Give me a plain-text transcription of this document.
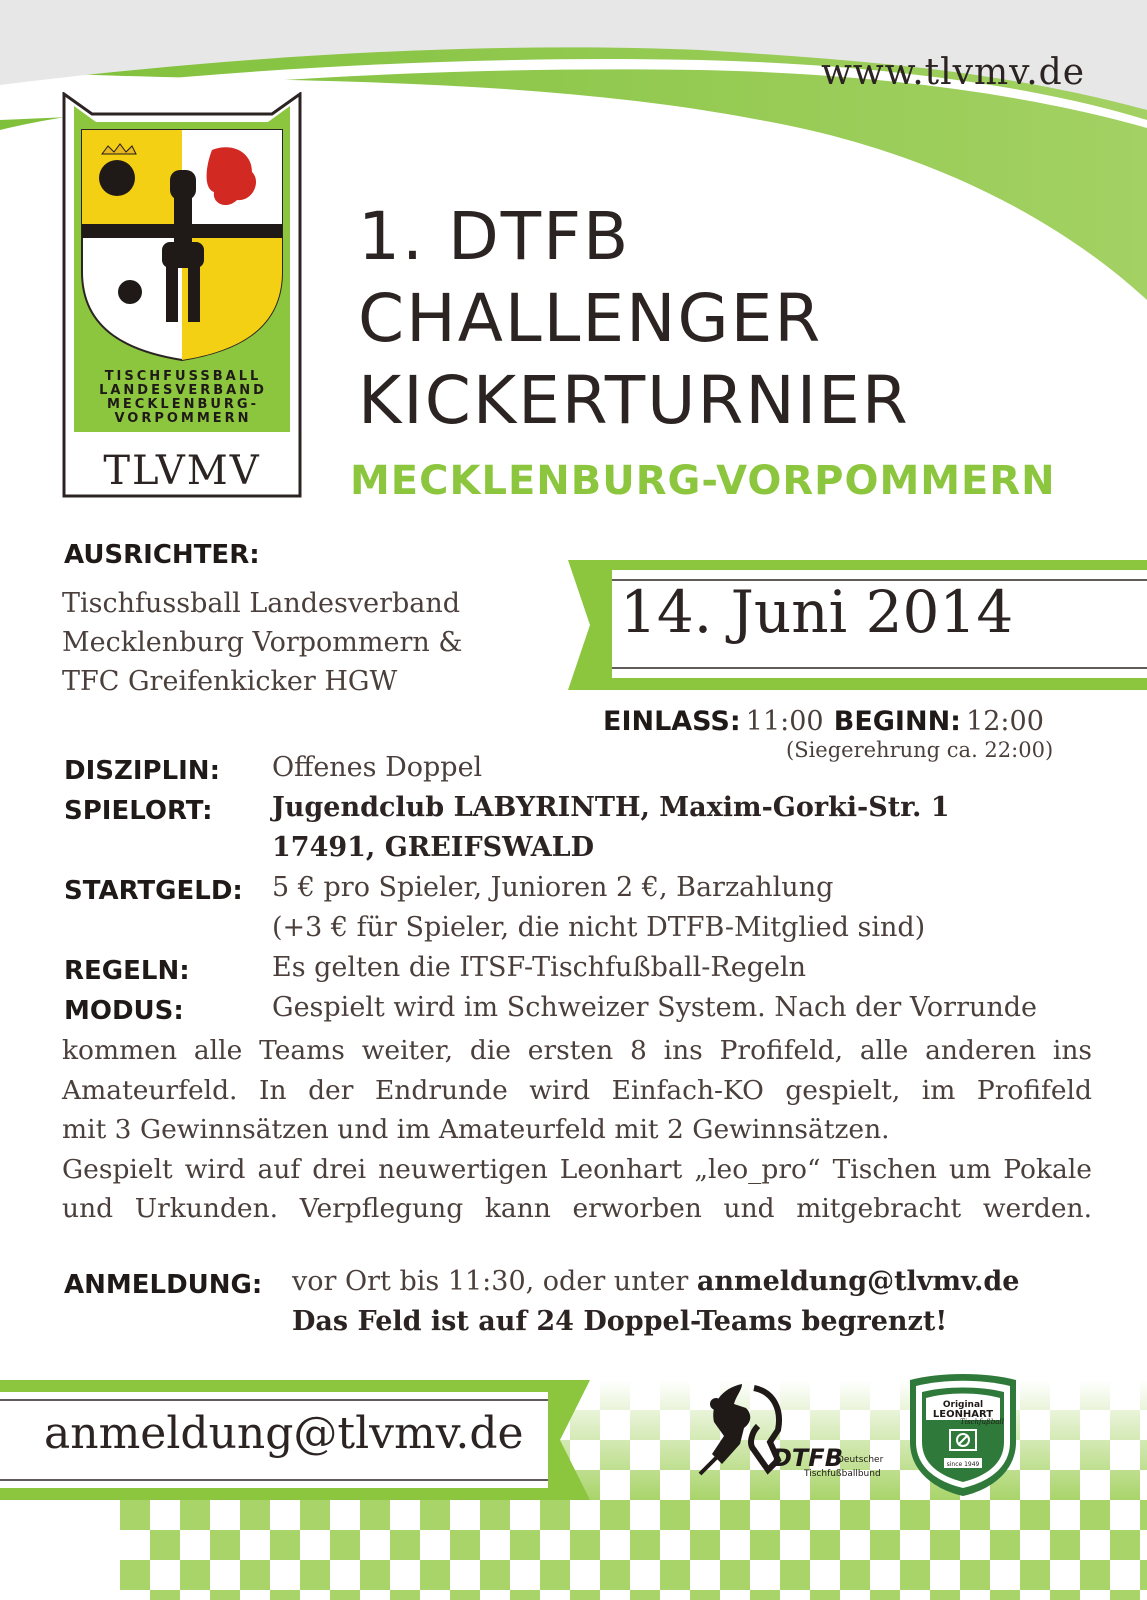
www.tlvmv.de
TISCHFUSSBALL
LANDESVERBAND
MECKLENBURG-
VORPOMMERN
TLVMV
1. DTFB
CHALLENGER
KICKERTURNIER
MECKLENBURG-VORPOMMERN
14. Juni 2014
AUSRICHTER:
Tischfussball Landesverband
Mecklenburg Vorpommern &
TFC Greifenkicker HGW
EINLASS: 11:00 BEGINN: 12:00
(Siegerehrung ca. 22:00)
DISZIPLIN: Offenes Doppel
SPIELORT: Jugendclub LABYRINTH, Maxim-Gorki-Str. 1
17491, GREIFSWALD
STARTGELD: 5 € pro Spieler, Junioren 2 €, Barzahlung
(+3 € für Spieler, die nicht DTFB-Mitglied sind)
REGELN:	Es gelten die ITSF-Tischfußball-Regeln
MODUS:	Gespielt wird im Schweizer System. Nach der Vorrunde

kommen alle Teams weiter, die ersten 8 ins Profifeld, alle anderen ins

Amateurfeld. In der Endrunde wird Einfach-KO gespielt, im Profifeld

mit 3 Gewinnsätzen und im Amateurfeld mit 2 Gewinnsätzen.

Gespielt wird auf drei neuwertigen Leonhart „leo_pro“ Tischen um Pokale

und Urkunden. Verpflegung kann erworben und mitgebracht werden.

ANMELDUNG: vor Ort bis 11:30, oder unter anmeldung@tlvmv.de
Das Feld ist auf 24 Doppel-Teams begrenzt!
anmeldung@tlvmv.de	DTFB
Deutscher
Tischfußballbund
Original
LEONHART
Tischfußball
since 1949
